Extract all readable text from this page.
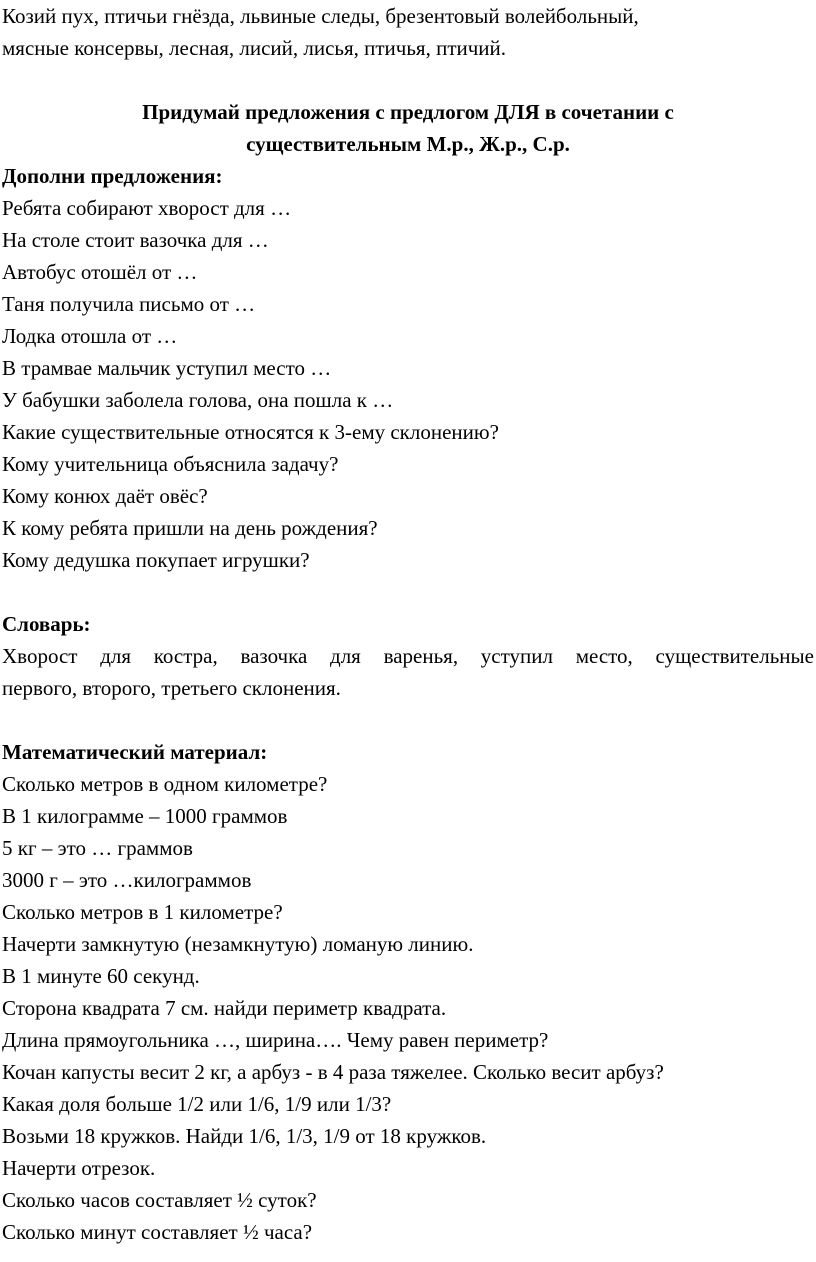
Козий пух, птичьи гнёзда, львиные следы, брезентовый волейбольный,
мясные консервы, лесная, лисий, лисья, птичья, птичий.
Придумай предложения с предлогом ДЛЯ в сочетании с
существительным М.р., Ж.р., С.р.
Дополни предложения:
Ребята собирают хворост для …
На столе стоит вазочка для …
Автобус отошёл от …
Таня получила письмо от …
Лодка отошла от …
В трамвае мальчик уступил место …
У бабушки заболела голова, она пошла к …
Какие существительные относятся к 3-ему склонению?
Кому учительница объяснила задачу?
Кому конюх даёт овёс?
К кому ребята пришли на день рождения?
Кому дедушка покупает игрушки?
Словарь:
Хворост для костра, вазочка для варенья, уступил место, существительные
первого, второго, третьего склонения.
Математический материал:
Сколько метров в одном километре?
В 1 килограмме – 1000 граммов
5 кг – это … граммов
3000 г – это …килограммов
Сколько метров в 1 километре?
Начерти замкнутую (незамкнутую) ломаную линию.
В 1 минуте 60 секунд.
Сторона квадрата 7 см. найди периметр квадрата.
Длина прямоугольника …, ширина…. Чему равен периметр?
Кочан капусты весит 2 кг, а арбуз - в 4 раза тяжелее. Сколько весит арбуз?
Какая доля больше 1/2 или 1/6, 1/9 или 1/3?
Возьми 18 кружков. Найди 1/6, 1/3, 1/9 от 18 кружков.
Начерти отрезок.
Сколько часов составляет ½ суток?
Сколько минут составляет ½ часа?
